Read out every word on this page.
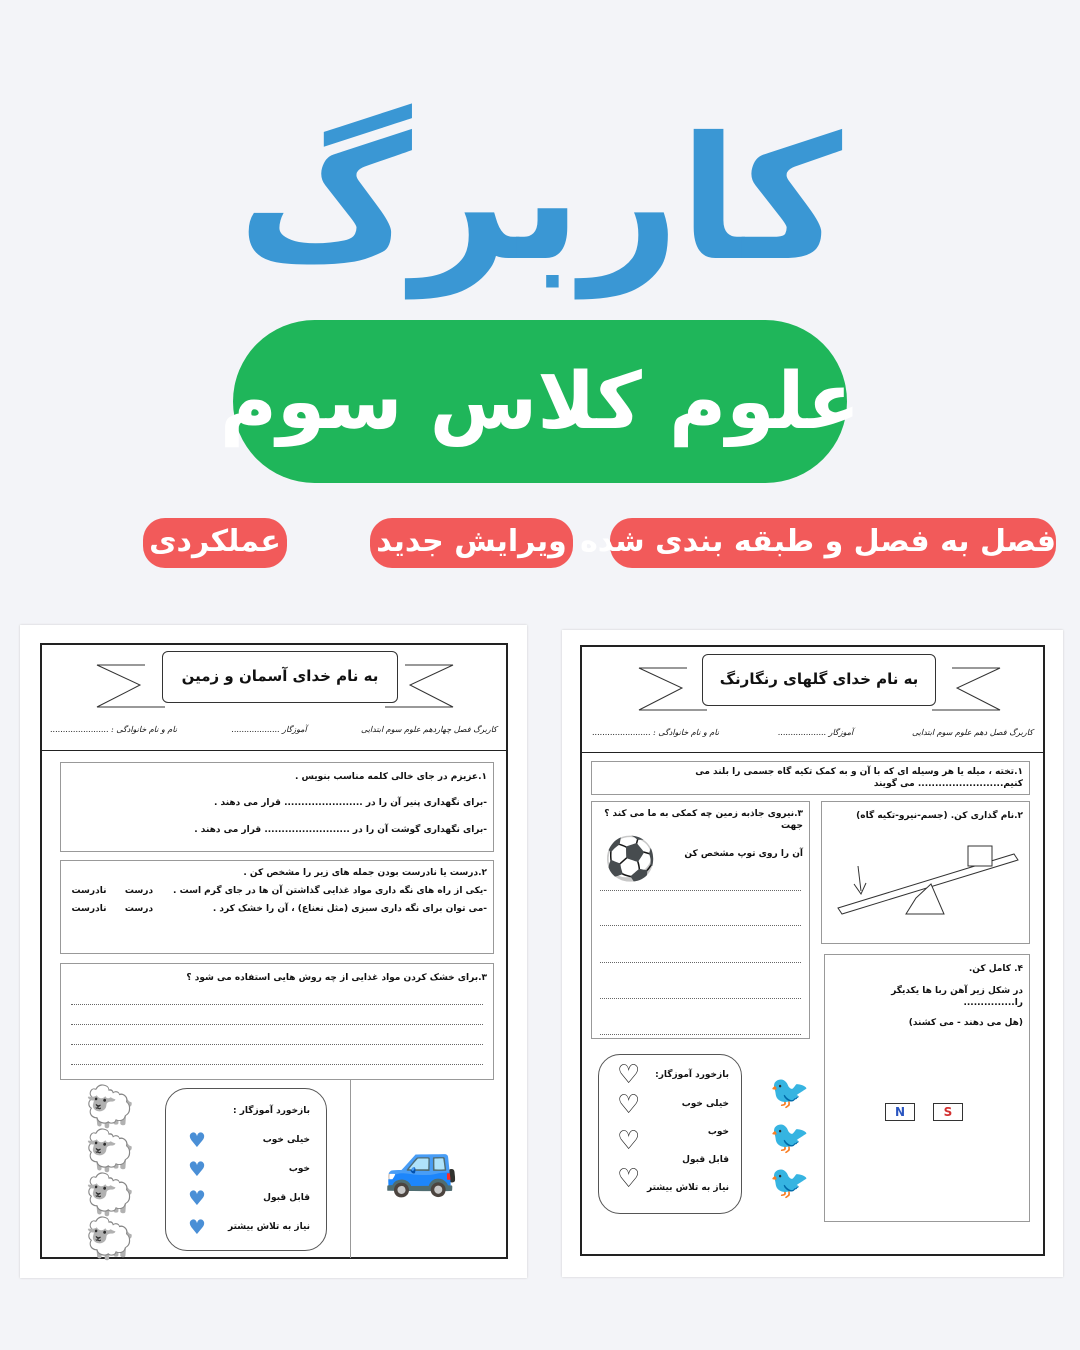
کاربرگ
علوم کلاس سوم
فصل به فصل و طبقه بندی شده
ویرایش جدید
عملکردی
به نام خدای آسمان و زمین
کاربرگ فصل چهاردهم علوم سوم ابتدایی
آموزگار ...................
نام و نام خانوادگی : .......................
۱.عزیزم در جای خالی کلمه مناسب بنویس .
-برای نگهداری پنیر آن را در ....................... قرار می دهند .
-برای نگهداری گوشت آن را در ......................... قرار می دهند .
۲.درست یا نادرست بودن جمله های زیر را مشخص کن .
-یکی از راه های نگه داری مواد غذایی گذاشتن آن ها در جای گرم است .
درست
نادرست
-می توان برای نگه داری سبزی (مثل نعناع) ، آن را خشک کرد .
درست
نادرست
۳.برای خشک کردن مواد غذایی از چه روش هایی استفاده می شود ؟
🐑
🐑
🐑
🐑
بازخورد آموزگار :
خیلی خوب
خوب
قابل قبول
نیاز به تلاش بیشتر
♥
♥
♥
♥
🚙
به نام خدای گلهای رنگارنگ
کاربرگ فصل دهم علوم سوم ابتدایی
آموزگار ...................
نام و نام خانوادگی : .......................
۱.تخته ، میله یا هر وسیله ای که با آن و به کمک تکیه گاه جسمی را بلند می کنیم......................... می گویند
۳.نیروی جاذبه زمین چه کمکی به ما می کند ؟ جهت
آن را روی توپ مشخص کن
⚽
۲.نام گذاری کن. (جسم-نیرو-تکیه گاه)
۴. کامل کن.
در شکل زیر آهن ربا ها یکدیگر را...............
(هل می دهند - می کشند)
N	S
بازخورد آموزگار:
خیلی خوب
خوب
قابل قبول
نیاز به تلاش بیشتر
♡
♡
♡
♡
🐦
🐦
🐦
